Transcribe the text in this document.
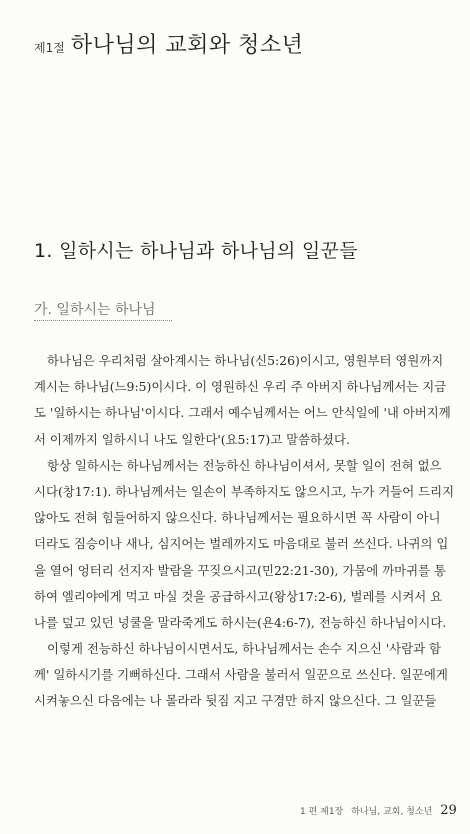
제1절 하나님의 교회와 청소년
1. 일하시는 하나님과 하나님의 일꾼들
가. 일하시는 하나님
하나님은 우리처럼 살아계시는 하나님(신5:26)이시고, 영원부터 영원까지
계시는 하나님(느9:5)이시다. 이 영원하신 우리 주 아버지 하나님께서는 지금
도 '일하시는 하나님'이시다. 그래서 예수님께서는 어느 안식일에 '내 아버지께
서 이제까지 일하시니 나도 일한다'(요5:17)고 말씀하셨다.
항상 일하시는 하나님께서는 전능하신 하나님이셔서, 못할 일이 전혀 없으
시다(창17:1). 하나님께서는 일손이 부족하지도 않으시고, 누가 거들어 드리지
않아도 전혀 힘들어하지 않으신다. 하나님께서는 필요하시면 꼭 사람이 아니
더라도 짐승이나 새나, 심지어는 벌레까지도 마음대로 불러 쓰신다. 나귀의 입
을 열어 엉터리 선지자 발람을 꾸짖으시고(민22:21-30), 가뭄에 까마귀를 통
하여 엘리야에게 먹고 마실 것을 공급하시고(왕상17:2-6), 벌레를 시켜서 요
나를 덮고 있던 넝쿨을 말라죽게도 하시는(욘4:6-7), 전능하신 하나님이시다.
이렇게 전능하신 하나님이시면서도, 하나님께서는 손수 지으신 '사람과 함
께' 일하시기를 기뻐하신다. 그래서 사람을 불러서 일꾼으로 쓰신다. 일꾼에게
시켜놓으신 다음에는 나 몰라라 뒷짐 지고 구경만 하지 않으신다. 그 일꾼들
1 편 제1장 하나님, 교회, 청소년 29
